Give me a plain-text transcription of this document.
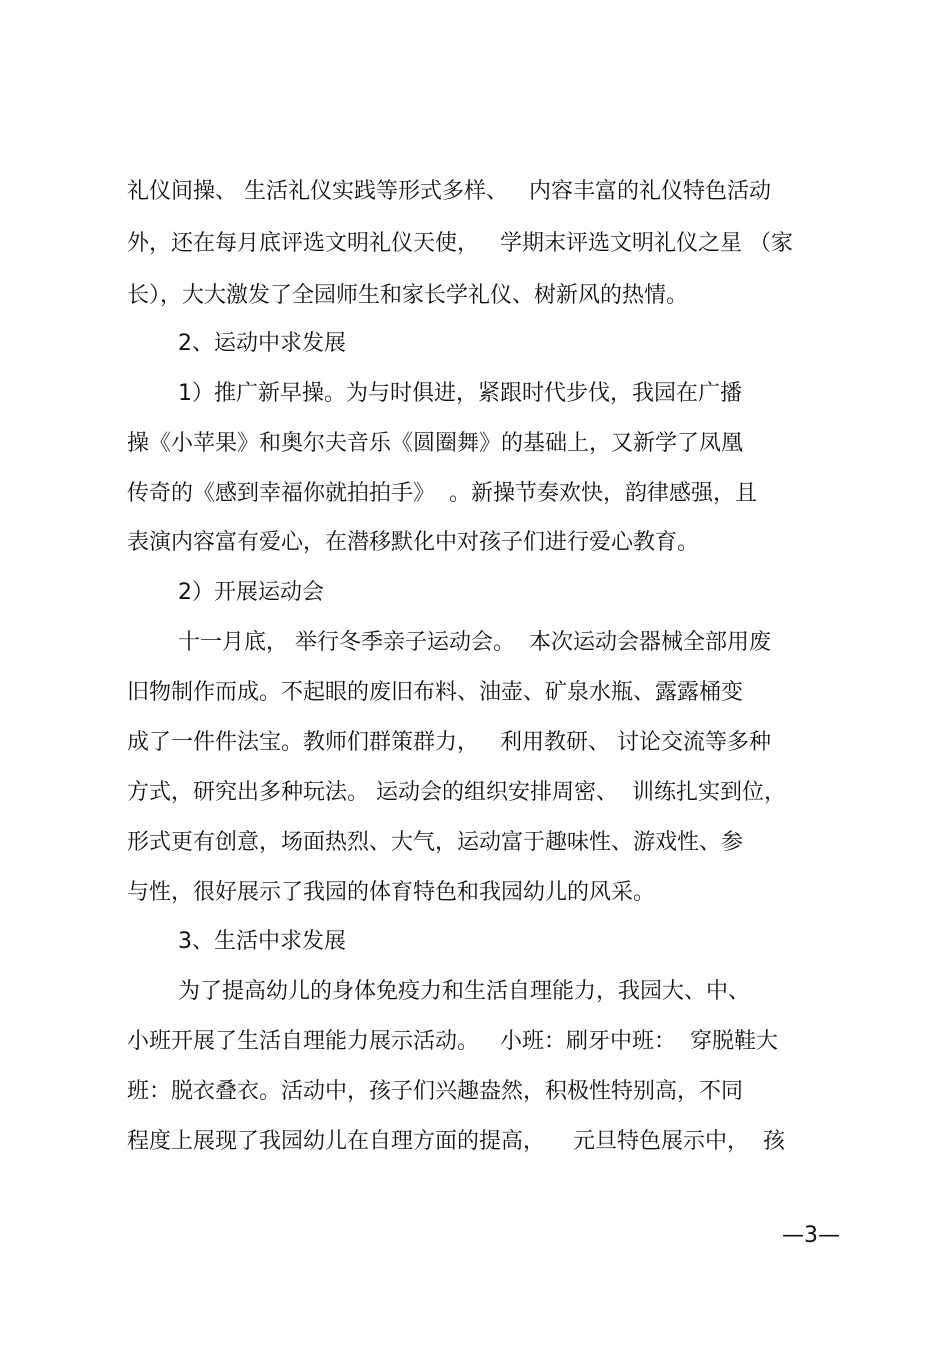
礼仪间操、 生活礼仪实践等形式多样、   内容丰富的礼仪特色活动
外，还在每月底评选文明礼仪天使，   学期末评选文明礼仪之星 （家
长），大大激发了全园师生和家长学礼仪、树新风的热情。
2、运动中求发展
1）推广新早操。为与时俱进，紧跟时代步伐，我园在广播
操《小苹果》和奥尔夫音乐《圆圈舞》的基础上，又新学了凤凰
传奇的《感到幸福你就拍拍手》  。新操节奏欢快，韵律感强，且
表演内容富有爱心，在潜移默化中对孩子们进行爱心教育。
2）开展运动会
十一月底， 举行冬季亲子运动会。  本次运动会器械全部用废
旧物制作而成。不起眼的废旧布料、油壶、矿泉水瓶、露露桶变
成了一件件法宝。教师们群策群力，   利用教研、 讨论交流等多种
方式，研究出多种玩法。 运动会的组织安排周密、  训练扎实到位，
形式更有创意，场面热烈、大气，运动富于趣味性、游戏性、参
与性，很好展示了我园的体育特色和我园幼儿的风采。
3、生活中求发展
为了提高幼儿的身体免疫力和生活自理能力，我园大、中、
小班开展了生活自理能力展示活动。   小班：刷牙中班：  穿脱鞋大
班：脱衣叠衣。活动中，孩子们兴趣盎然，积极性特别高，不同
程度上展现了我园幼儿在自理方面的提高，    元旦特色展示中，  孩
—3—
